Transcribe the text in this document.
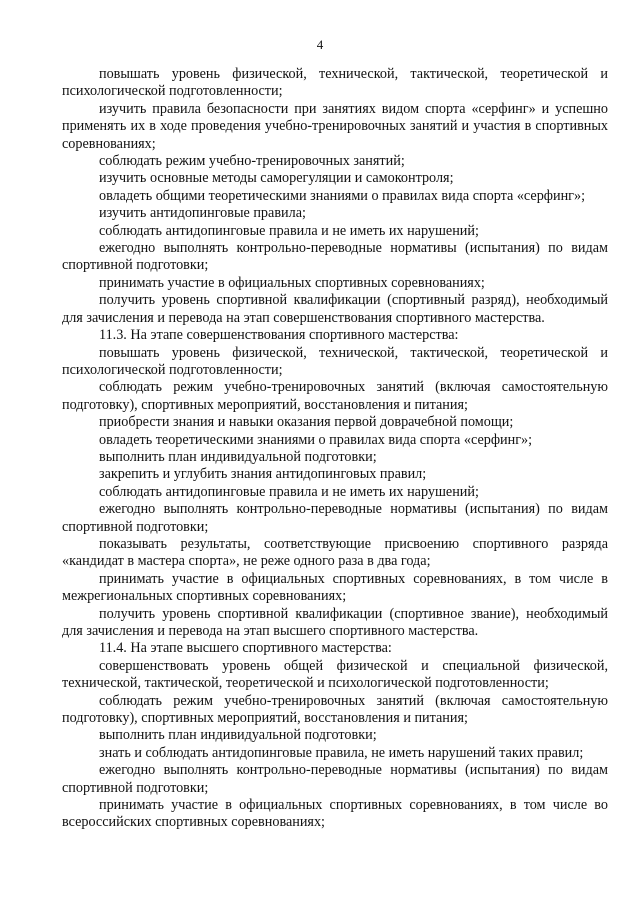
4

повышать уровень физической, технической, тактической, теоретической и психологической подготовленности;

изучить правила безопасности при занятиях видом спорта «серфинг» и успешно применять их в ходе проведения учебно-тренировочных занятий и участия в спортивных соревнованиях;

соблюдать режим учебно-тренировочных занятий;

изучить основные методы саморегуляции и самоконтроля;

овладеть общими теоретическими знаниями о правилах вида спорта «серфинг»;

изучить антидопинговые правила;

соблюдать антидопинговые правила и не иметь их нарушений;

ежегодно выполнять контрольно-переводные нормативы (испытания) по видам спортивной подготовки;

принимать участие в официальных спортивных соревнованиях;

получить уровень спортивной квалификации (спортивный разряд), необходимый для зачисления и перевода на этап совершенствования спортивного мастерства.

11.3. На этапе совершенствования спортивного мастерства:

повышать уровень физической, технической, тактической, теоретической и психологической подготовленности;

соблюдать режим учебно-тренировочных занятий (включая самостоятельную подготовку), спортивных мероприятий, восстановления и питания;

приобрести знания и навыки оказания первой доврачебной помощи;

овладеть теоретическими знаниями о правилах вида спорта «серфинг»;

выполнить план индивидуальной подготовки;

закрепить и углубить знания антидопинговых правил;

соблюдать антидопинговые правила и не иметь их нарушений;

ежегодно выполнять контрольно-переводные нормативы (испытания) по видам спортивной подготовки;

показывать результаты, соответствующие присвоению спортивного разряда «кандидат в мастера спорта», не реже одного раза в два года;

принимать участие в официальных спортивных соревнованиях, в том числе в межрегиональных спортивных соревнованиях;

получить уровень спортивной квалификации (спортивное звание), необходимый для зачисления и перевода на этап высшего спортивного мастерства.

11.4. На этапе высшего спортивного мастерства:

совершенствовать уровень общей физической и специальной физической, технической, тактической, теоретической и психологической подготовленности;

соблюдать режим учебно-тренировочных занятий (включая самостоятельную подготовку), спортивных мероприятий, восстановления и питания;

выполнить план индивидуальной подготовки;

знать и соблюдать антидопинговые правила, не иметь нарушений таких правил;

ежегодно выполнять контрольно-переводные нормативы (испытания) по видам спортивной подготовки;

принимать участие в официальных спортивных соревнованиях, в том числе во всероссийских спортивных соревнованиях;
